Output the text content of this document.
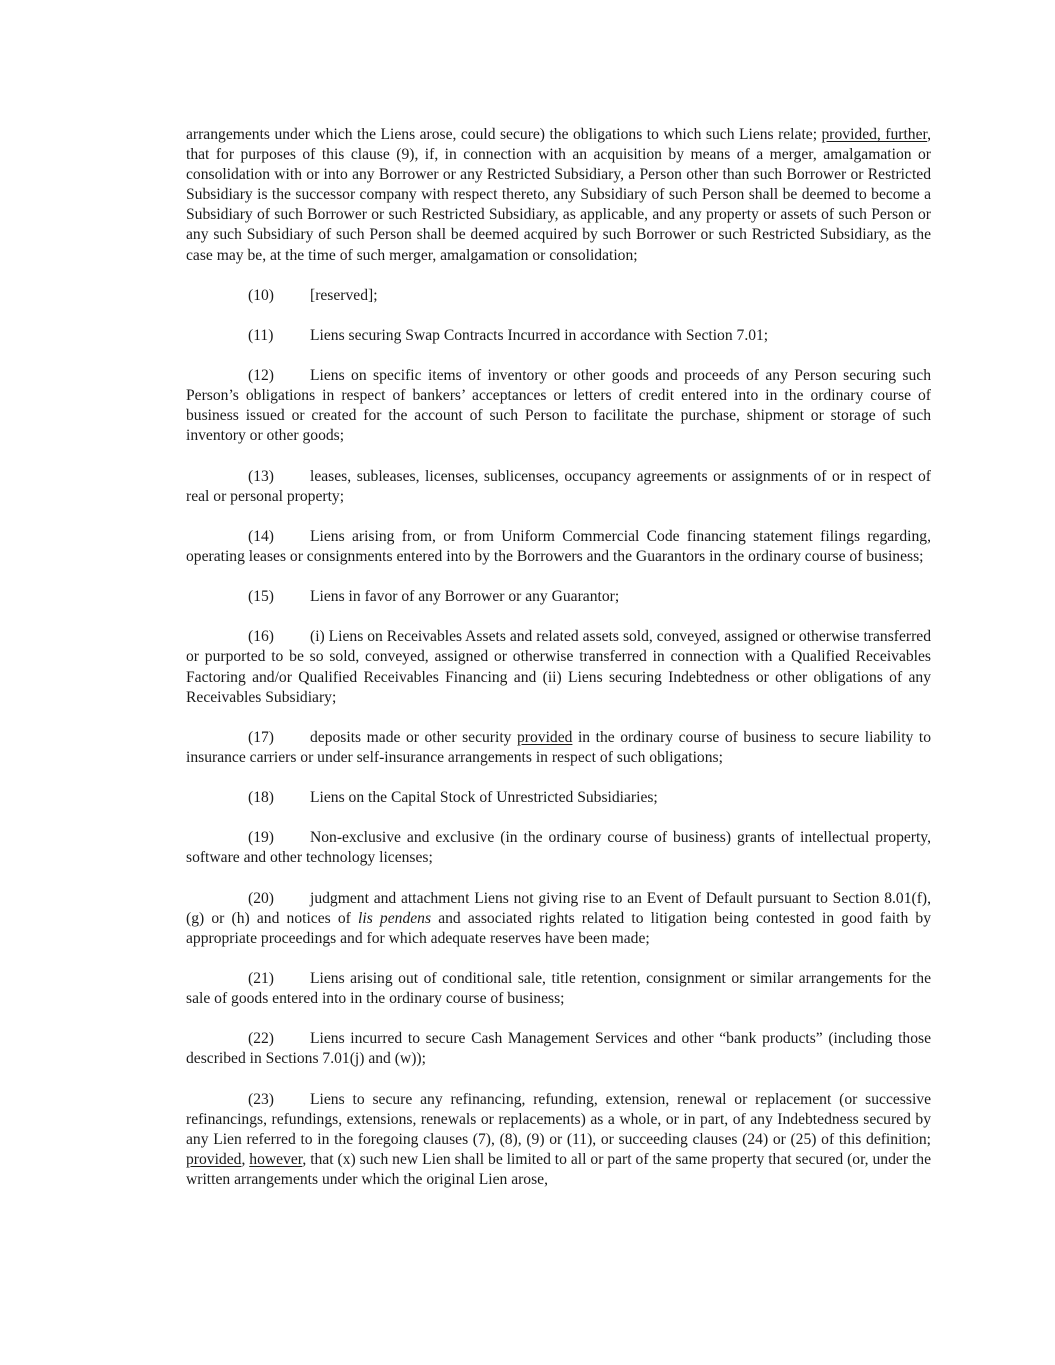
arrangements under which the Liens arose, could secure) the obligations to which such Liens relate; provided, further, that for purposes of this clause (9), if, in connection with an acquisition by means of a merger, amalgamation or consolidation with or into any Borrower or any Restricted Subsidiary, a Person other than such Borrower or Restricted Subsidiary is the successor company with respect thereto, any Subsidiary of such Person shall be deemed to become a Subsidiary of such Borrower or such Restricted Subsidiary, as applicable, and any property or assets of such Person or any such Subsidiary of such Person shall be deemed acquired by such Borrower or such Restricted Subsidiary, as the case may be, at the time of such merger, amalgamation or consolidation;

(10) [reserved];

(11) Liens securing Swap Contracts Incurred in accordance with Section 7.01;

(12) Liens on specific items of inventory or other goods and proceeds of any Person securing such Person’s obligations in respect of bankers’ acceptances or letters of credit entered into in the ordinary course of business issued or created for the account of such Person to facilitate the purchase, shipment or storage of such inventory or other goods;

(13) leases, subleases, licenses, sublicenses, occupancy agreements or assignments of or in respect of real or personal property;

(14) Liens arising from, or from Uniform Commercial Code financing statement filings regarding, operating leases or consignments entered into by the Borrowers and the Guarantors in the ordinary course of business;

(15) Liens in favor of any Borrower or any Guarantor;

(16) (i) Liens on Receivables Assets and related assets sold, conveyed, assigned or otherwise transferred or purported to be so sold, conveyed, assigned or otherwise transferred in connection with a Qualified Receivables Factoring and/or Qualified Receivables Financing and (ii) Liens securing Indebtedness or other obligations of any Receivables Subsidiary;

(17) deposits made or other security provided in the ordinary course of business to secure liability to insurance carriers or under self-insurance arrangements in respect of such obligations;

(18) Liens on the Capital Stock of Unrestricted Subsidiaries;

(19) Non-exclusive and exclusive (in the ordinary course of business) grants of intellectual property, software and other technology licenses;

(20) judgment and attachment Liens not giving rise to an Event of Default pursuant to Section 8.01(f), (g) or (h) and notices of lis pendens and associated rights related to litigation being contested in good faith by appropriate proceedings and for which adequate reserves have been made;

(21) Liens arising out of conditional sale, title retention, consignment or similar arrangements for the sale of goods entered into in the ordinary course of business;

(22) Liens incurred to secure Cash Management Services and other “bank products” (including those described in Sections 7.01(j) and (w));

(23) Liens to secure any refinancing, refunding, extension, renewal or replacement (or successive refinancings, refundings, extensions, renewals or replacements) as a whole, or in part, of any Indebtedness secured by any Lien referred to in the foregoing clauses (7), (8), (9) or (11), or succeeding clauses (24) or (25) of this definition; provided, however, that (x) such new Lien shall be limited to all or part of the same property that secured (or, under the written arrangements under which the original Lien arose,
